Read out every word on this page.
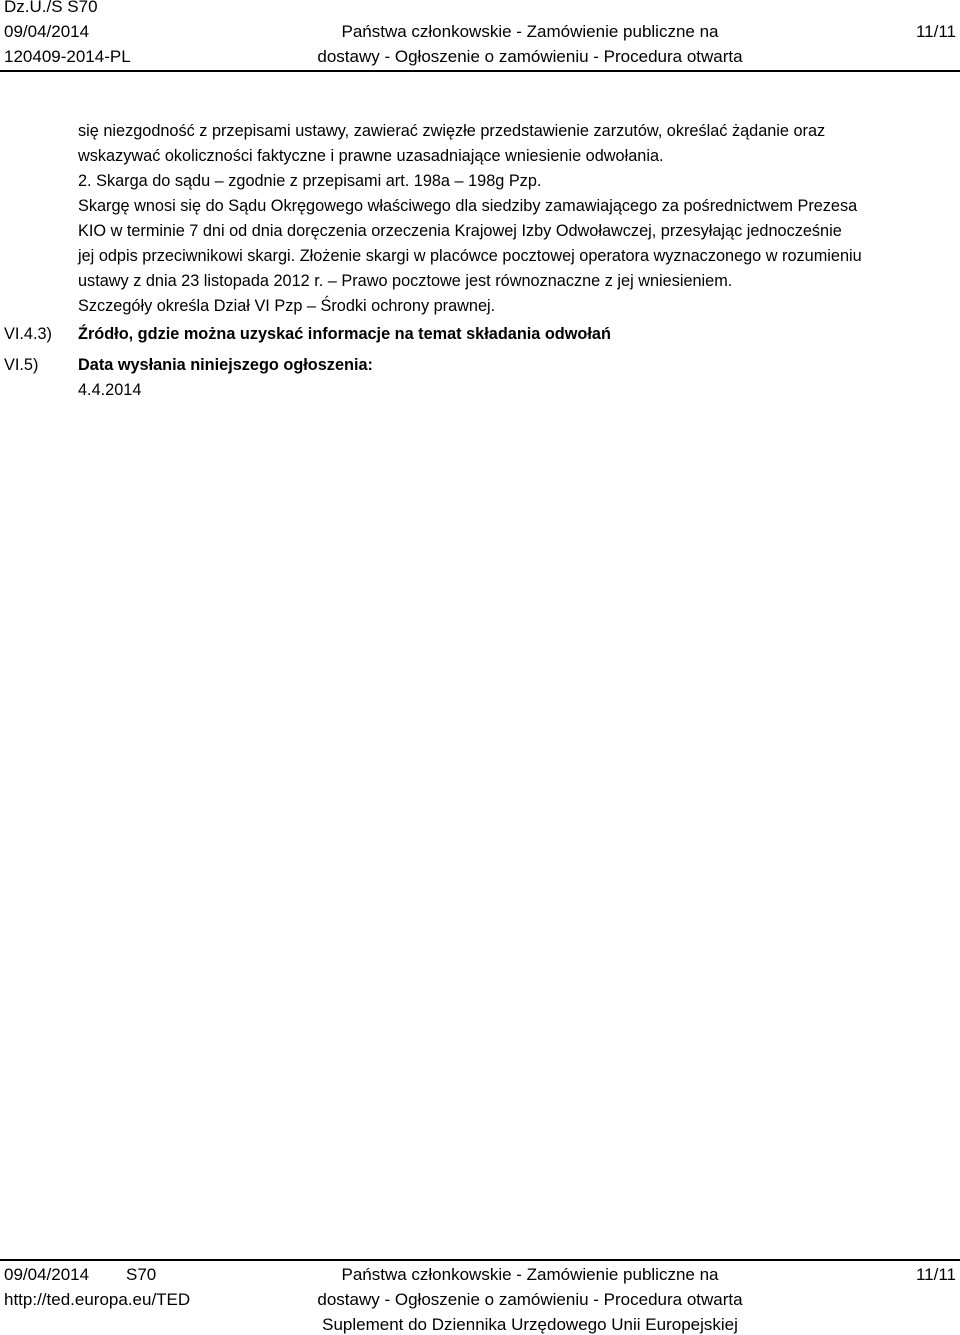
Dz.U./S S70
09/04/2014
120409-2014-PL
Państwa członkowskie - Zamówienie publiczne na
dostawy - Ogłoszenie o zamówieniu - Procedura otwarta
11/11
się niezgodność z przepisami ustawy, zawierać zwięzłe przedstawienie zarzutów, określać żądanie oraz
wskazywać okoliczności faktyczne i prawne uzasadniające wniesienie odwołania.
2. Skarga do sądu – zgodnie z przepisami art. 198a – 198g Pzp.
Skargę wnosi się do Sądu Okręgowego właściwego dla siedziby zamawiającego za pośrednictwem Prezesa
KIO w terminie 7 dni od dnia doręczenia orzeczenia Krajowej Izby Odwoławczej, przesyłając jednocześnie
jej odpis przeciwnikowi skargi. Złożenie skargi w placówce pocztowej operatora wyznaczonego w rozumieniu
ustawy z dnia 23 listopada 2012 r. – Prawo pocztowe jest równoznaczne z jej wniesieniem.
Szczegóły określa Dział VI Pzp – Środki ochrony prawnej.
VI.4.3) Źródło, gdzie można uzyskać informacje na temat składania odwołań
VI.5) Data wysłania niniejszego ogłoszenia:
4.4.2014
09/04/2014 S70
http://ted.europa.eu/TED
Państwa członkowskie - Zamówienie publiczne na
dostawy - Ogłoszenie o zamówieniu - Procedura otwarta
Suplement do Dziennika Urzędowego Unii Europejskiej
11/11
